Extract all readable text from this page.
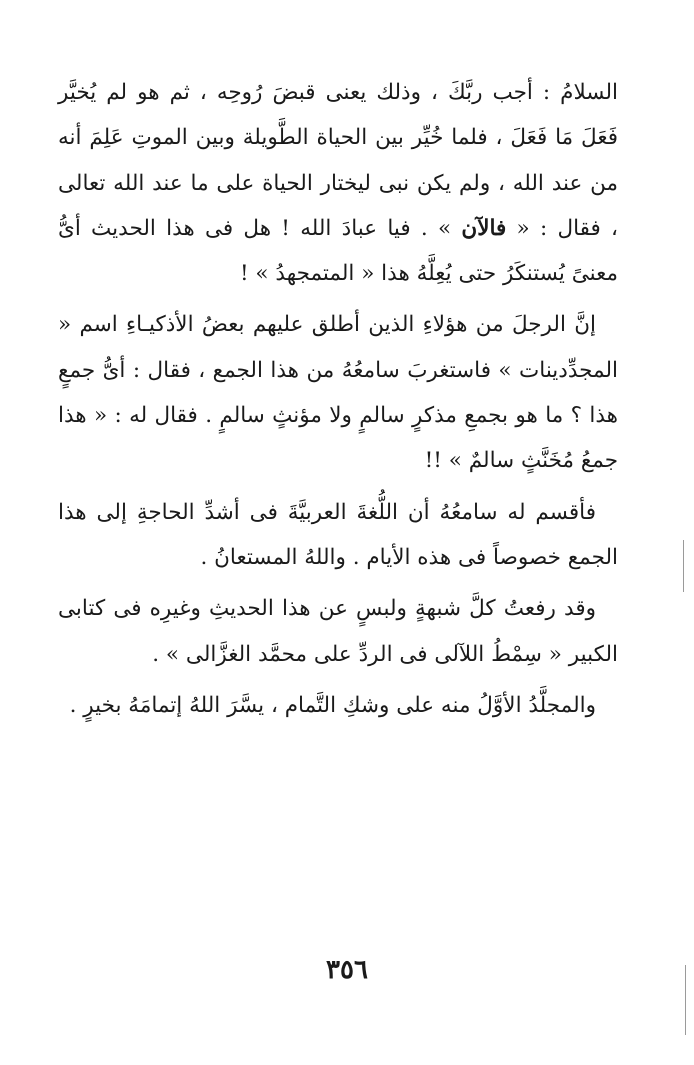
السلامُ : أجب ربَّكَ ، وذلك يعنى قبضَ رُوحِه ، ثم هو لم يُخيَّر فَعَلَ مَا فَعَلَ ، فلما خُيِّر بين الحياة الطَّويلة وبين الموتِ عَلِمَ أنه من عند الله ، ولم يكن نبى ليختار الحياة على ما عند الله تعالى ، فقال : « فالآن » . فيا عبادَ الله ! هل فى هذا الحديث أىُّ معنىً يُستنكَرُ حتى يُعِلَّهُ هذا « المتمجهدُ » !

إنَّ الرجلَ من هؤلاءِ الذين أطلق عليهم بعضُ الأذكيـاءِ اسم « المجدِّدينات » فاستغربَ سامعُهُ من هذا الجمع ، فقال : أىُّ جمعٍ هذا ؟ ما هو بجمعِ مذكرٍ سالمٍ ولا مؤنثٍ سالمٍ . فقال له : « هذا جمعُ مُخَنَّثٍ سالمٌ » !!

فأقسم له سامعُهُ أن اللُّغةَ العربيَّةَ فى أشدِّ الحاجةِ إلى هذا الجمع خصوصاً فى هذه الأيام . واللهُ المستعانُ .

وقد رفعتُ كلَّ شبهةٍ ولبسٍ عن هذا الحديثِ وغيرِه فى كتابى الكبير « سِمْطُ اللآلى فى الردِّ على محمَّد الغزَّالى » .

والمجلَّدُ الأوَّلُ منه على وشكِ التَّمام ، يسَّرَ اللهُ إتمامَهُ بخيرٍ .

٣٥٦
